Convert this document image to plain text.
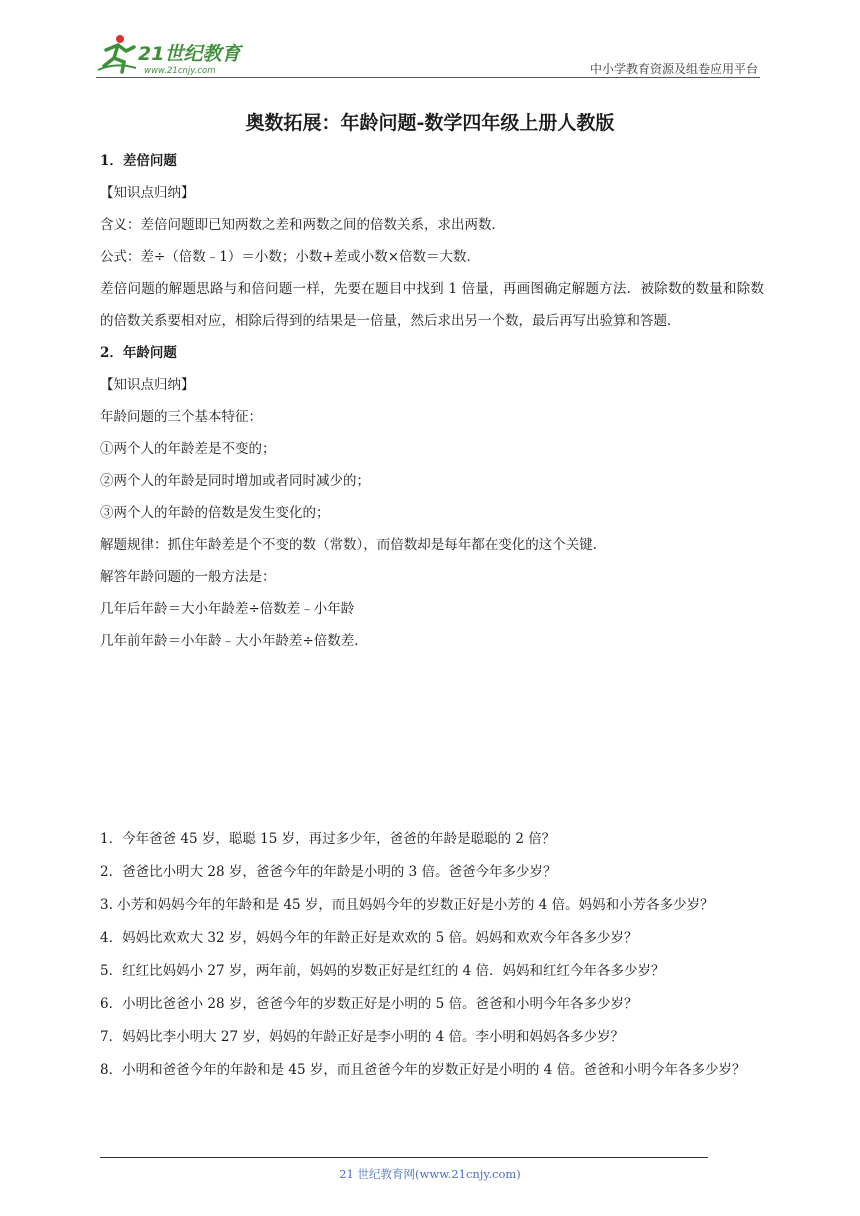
21世纪教育
www.21cnjy.com	中小学教育资源及组卷应用平台
奥数拓展：年龄问题-数学四年级上册人教版
1．差倍问题
【知识点归纳】
含义：差倍问题即已知两数之差和两数之间的倍数关系，求出两数．
公式：差÷（倍数﹣1）＝小数；小数+差或小数×倍数＝大数．
差倍问题的解题思路与和倍问题一样，先要在题目中找到 1 倍量，再画图确定解题方法．被除数的数量和除数的倍数关系要相对应，相除后得到的结果是一倍量，然后求出另一个数，最后再写出验算和答题．
2．年龄问题
【知识点归纳】
年龄问题的三个基本特征：
①两个人的年龄差是不变的；
②两个人的年龄是同时增加或者同时减少的；
③两个人的年龄的倍数是发生变化的；
解题规律：抓住年龄差是个不变的数（常数），而倍数却是每年都在变化的这个关键．
解答年龄问题的一般方法是：
几年后年龄＝大小年龄差÷倍数差﹣小年龄
几年前年龄＝小年龄﹣大小年龄差÷倍数差．
1．今年爸爸 45 岁，聪聪 15 岁，再过多少年，爸爸的年龄是聪聪的 2 倍？
2．爸爸比小明大 28 岁，爸爸今年的年龄是小明的 3 倍。爸爸今年多少岁？
3. 小芳和妈妈今年的年龄和是 45 岁，而且妈妈今年的岁数正好是小芳的 4 倍。妈妈和小芳各多少岁？
4．妈妈比欢欢大 32 岁，妈妈今年的年龄正好是欢欢的 5 倍。妈妈和欢欢今年各多少岁？
5．红红比妈妈小 27 岁，两年前，妈妈的岁数正好是红红的 4 倍．妈妈和红红今年各多少岁？
6．小明比爸爸小 28 岁，爸爸今年的岁数正好是小明的 5 倍。爸爸和小明今年各多少岁？
7．妈妈比李小明大 27 岁，妈妈的年龄正好是李小明的 4 倍。李小明和妈妈各多少岁？
8．小明和爸爸今年的年龄和是 45 岁，而且爸爸今年的岁数正好是小明的 4 倍。爸爸和小明今年各多少岁？
21 世纪教育网(www.21cnjy.com)
